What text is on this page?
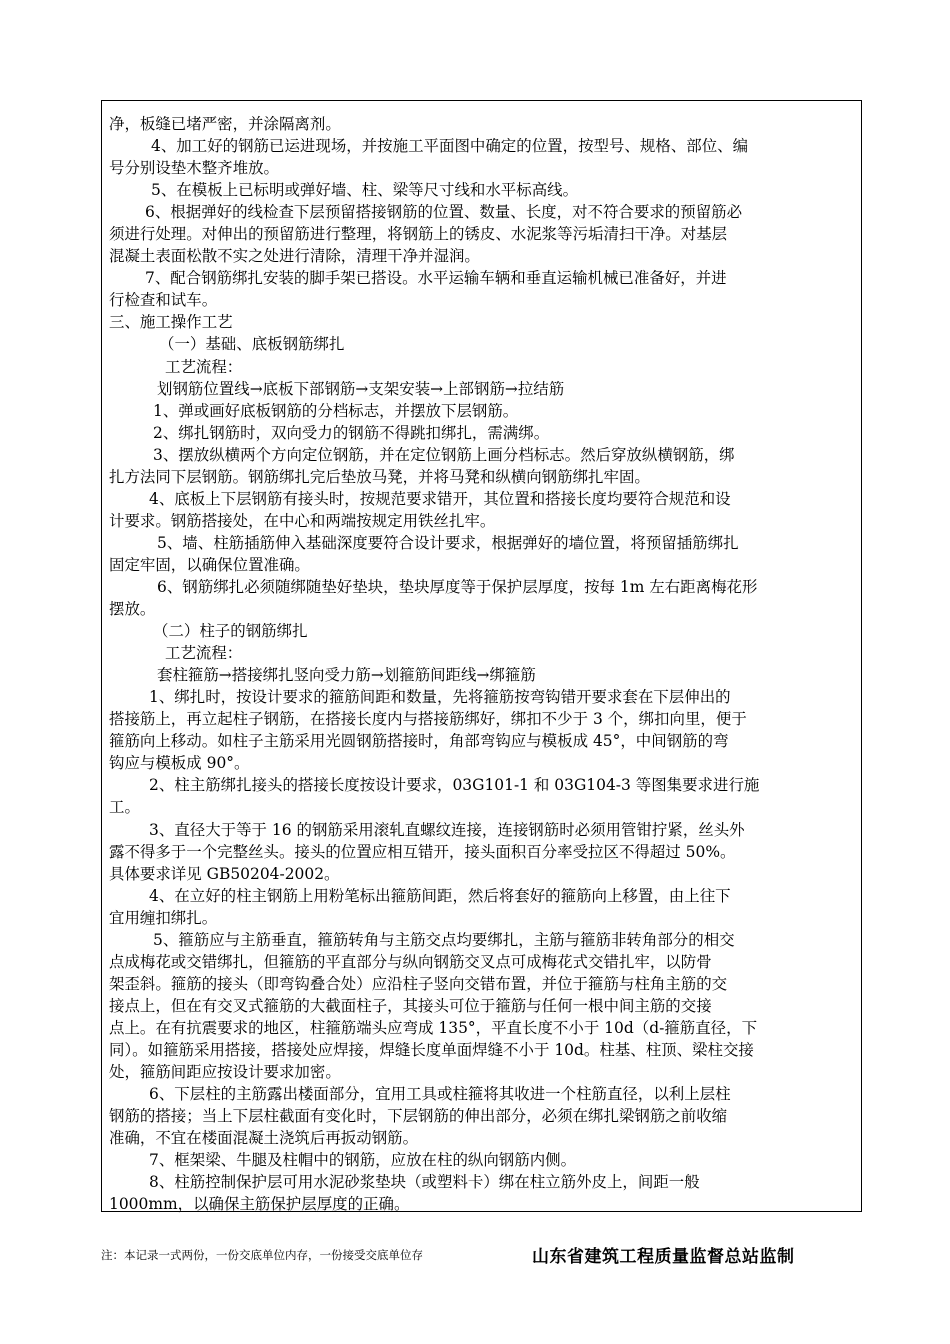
净，板缝已堵严密，并涂隔离剂。
4、加工好的钢筋已运进现场，并按施工平面图中确定的位置，按型号、规格、部位、编
号分别设垫木整齐堆放。
5、在模板上已标明或弹好墙、柱、梁等尺寸线和水平标高线。
6、根据弹好的线检查下层预留搭接钢筋的位置、数量、长度，对不符合要求的预留筋必
须进行处理。对伸出的预留筋进行整理，将钢筋上的锈皮、水泥浆等污垢清扫干净。对基层
混凝土表面松散不实之处进行清除，清理干净并湿润。
7、配合钢筋绑扎安装的脚手架已搭设。水平运输车辆和垂直运输机械已准备好，并进
行检查和试车。
三、施工操作工艺
（一）基础、底板钢筋绑扎
工艺流程：
划钢筋位置线→底板下部钢筋→支架安装→上部钢筋→拉结筋
1、弹或画好底板钢筋的分档标志，并摆放下层钢筋。
2、绑扎钢筋时，双向受力的钢筋不得跳扣绑扎，需满绑。
3、摆放纵横两个方向定位钢筋，并在定位钢筋上画分档标志。然后穿放纵横钢筋，绑
扎方法同下层钢筋。钢筋绑扎完后垫放马凳，并将马凳和纵横向钢筋绑扎牢固。
4、底板上下层钢筋有接头时，按规范要求错开，其位置和搭接长度均要符合规范和设
计要求。钢筋搭接处，在中心和两端按规定用铁丝扎牢。
5、墙、柱筋插筋伸入基础深度要符合设计要求，根据弹好的墙位置，将预留插筋绑扎
固定牢固，以确保位置准确。
6、钢筋绑扎必须随绑随垫好垫块，垫块厚度等于保护层厚度，按每 1m 左右距离梅花形
摆放。
（二）柱子的钢筋绑扎
工艺流程：
套柱箍筋→搭接绑扎竖向受力筋→划箍筋间距线→绑箍筋
1、绑扎时，按设计要求的箍筋间距和数量，先将箍筋按弯钩错开要求套在下层伸出的
搭接筋上，再立起柱子钢筋，在搭接长度内与搭接筋绑好，绑扣不少于 3 个，绑扣向里，便于
箍筋向上移动。如柱子主筋采用光圆钢筋搭接时，角部弯钩应与模板成 45°，中间钢筋的弯
钩应与模板成 90°。
2、柱主筋绑扎接头的搭接长度按设计要求，03G101-1 和 03G104-3 等图集要求进行施
工。
3、直径大于等于 16 的钢筋采用滚轧直螺纹连接，连接钢筋时必须用管钳拧紧，丝头外
露不得多于一个完整丝头。接头的位置应相互错开，接头面积百分率受拉区不得超过 50%。
具体要求详见 GB50204-2002。
4、在立好的柱主钢筋上用粉笔标出箍筋间距，然后将套好的箍筋向上移置，由上往下
宜用缠扣绑扎。
5、箍筋应与主筋垂直，箍筋转角与主筋交点均要绑扎，主筋与箍筋非转角部分的相交
点成梅花或交错绑扎，但箍筋的平直部分与纵向钢筋交叉点可成梅花式交错扎牢，以防骨
架歪斜。箍筋的接头（即弯钩叠合处）应沿柱子竖向交错布置，并位于箍筋与柱角主筋的交
接点上，但在有交叉式箍筋的大截面柱子，其接头可位于箍筋与任何一根中间主筋的交接
点上。在有抗震要求的地区，柱箍筋端头应弯成 135°，平直长度不小于 10d（d-箍筋直径，下
同）。如箍筋采用搭接，搭接处应焊接，焊缝长度单面焊缝不小于 10d。柱基、柱顶、梁柱交接
处，箍筋间距应按设计要求加密。
6、下层柱的主筋露出楼面部分，宜用工具或柱箍将其收进一个柱筋直径，以利上层柱
钢筋的搭接；当上下层柱截面有变化时，下层钢筋的伸出部分，必须在绑扎梁钢筋之前收缩
准确，不宜在楼面混凝土浇筑后再扳动钢筋。
7、框架梁、牛腿及柱帽中的钢筋，应放在柱的纵向钢筋内侧。
8、柱筋控制保护层可用水泥砂浆垫块（或塑料卡）绑在柱立筋外皮上，间距一般
1000mm，以确保主筋保护层厚度的正确。
注：本记录一式两份，一份交底单位内存，一份接受交底单位存	山东省建筑工程质量监督总站监制
